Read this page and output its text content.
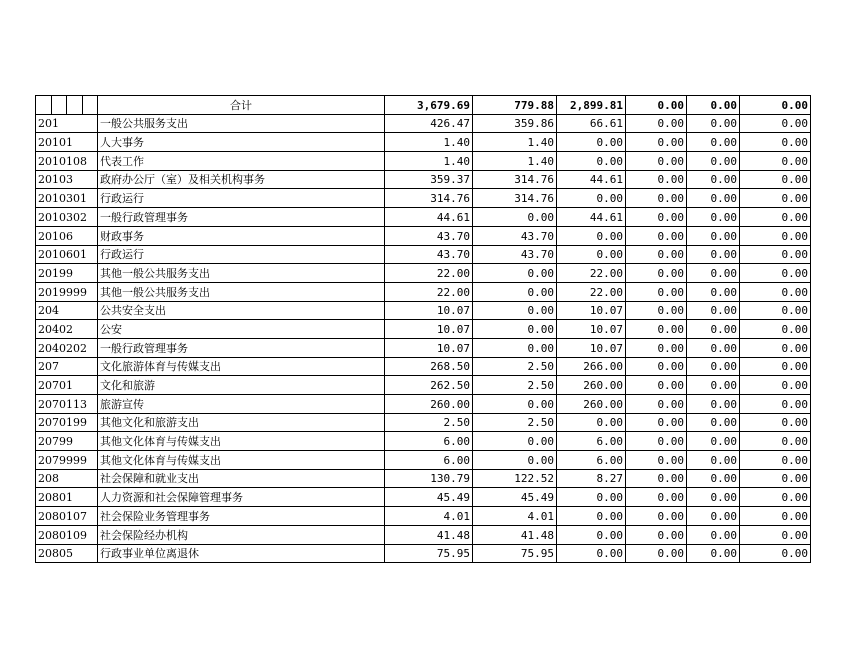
	合计	3,679.69	779.88	2,899.81	0.00	0.00	0.00
201	一般公共服务支出	426.47	359.86	66.61	0.00	0.00	0.00
20101	人大事务	1.40	1.40	0.00	0.00	0.00	0.00
2010108	代表工作	1.40	1.40	0.00	0.00	0.00	0.00
20103	政府办公厅（室）及相关机构事务	359.37	314.76	44.61	0.00	0.00	0.00
2010301	行政运行	314.76	314.76	0.00	0.00	0.00	0.00
2010302	一般行政管理事务	44.61	0.00	44.61	0.00	0.00	0.00
20106	财政事务	43.70	43.70	0.00	0.00	0.00	0.00
2010601	行政运行	43.70	43.70	0.00	0.00	0.00	0.00
20199	其他一般公共服务支出	22.00	0.00	22.00	0.00	0.00	0.00
2019999	其他一般公共服务支出	22.00	0.00	22.00	0.00	0.00	0.00
204	公共安全支出	10.07	0.00	10.07	0.00	0.00	0.00
20402	公安	10.07	0.00	10.07	0.00	0.00	0.00
2040202	一般行政管理事务	10.07	0.00	10.07	0.00	0.00	0.00
207	文化旅游体育与传媒支出	268.50	2.50	266.00	0.00	0.00	0.00
20701	文化和旅游	262.50	2.50	260.00	0.00	0.00	0.00
2070113	旅游宣传	260.00	0.00	260.00	0.00	0.00	0.00
2070199	其他文化和旅游支出	2.50	2.50	0.00	0.00	0.00	0.00
20799	其他文化体育与传媒支出	6.00	0.00	6.00	0.00	0.00	0.00
2079999	其他文化体育与传媒支出	6.00	0.00	6.00	0.00	0.00	0.00
208	社会保障和就业支出	130.79	122.52	8.27	0.00	0.00	0.00
20801	人力资源和社会保障管理事务	45.49	45.49	0.00	0.00	0.00	0.00
2080107	社会保险业务管理事务	4.01	4.01	0.00	0.00	0.00	0.00
2080109	社会保险经办机构	41.48	41.48	0.00	0.00	0.00	0.00
20805	行政事业单位离退休	75.95	75.95	0.00	0.00	0.00	0.00
